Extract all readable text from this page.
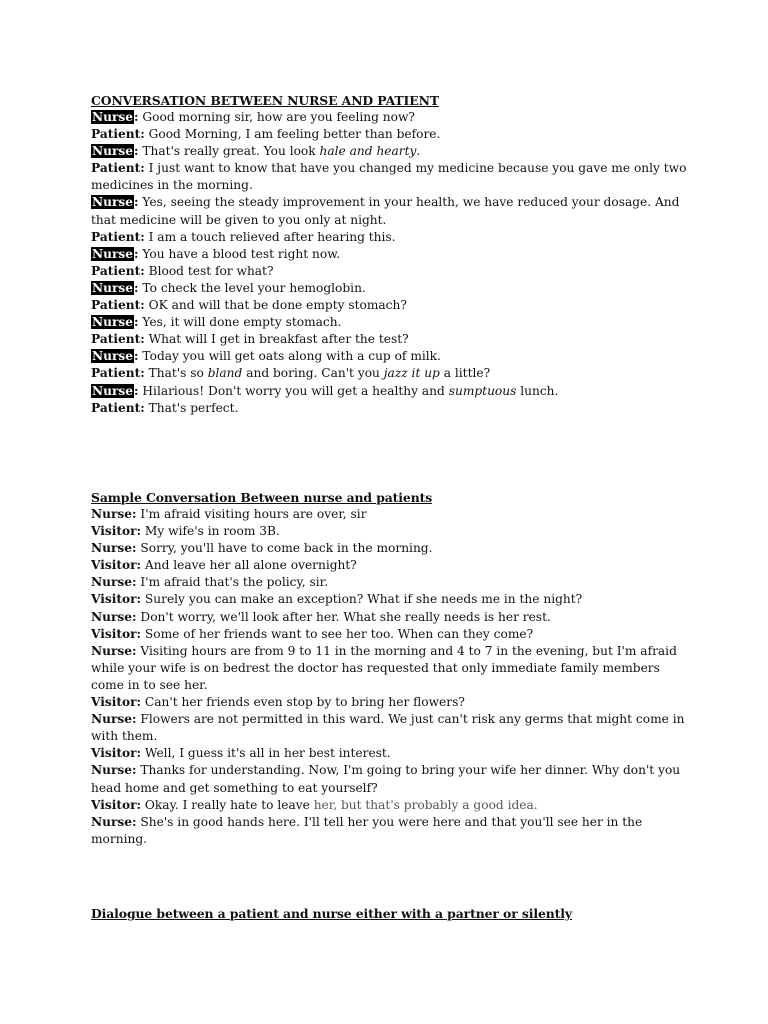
CONVERSATION BETWEEN NURSE AND PATIENT

Nurse: Good morning sir, how are you feeling now?

Patient: Good Morning, I am feeling better than before.

Nurse: That's really great. You look hale and hearty.

Patient: I just want to know that have you changed my medicine because you gave me only two medicines in the morning.

Nurse: Yes, seeing the steady improvement in your health, we have reduced your dosage. And that medicine will be given to you only at night.

Patient: I am a touch relieved after hearing this.

Nurse: You have a blood test right now.

Patient: Blood test for what?

Nurse: To check the level your hemoglobin.

Patient: OK and will that be done empty stomach?

Nurse: Yes, it will done empty stomach.

Patient: What will I get in breakfast after the test?

Nurse: Today you will get oats along with a cup of milk.

Patient: That's so bland and boring. Can't you jazz it up a little?

Nurse: Hilarious! Don't worry you will get a healthy and sumptuous lunch.

Patient: That's perfect.

Sample Conversation Between nurse and patients

Nurse: I'm afraid visiting hours are over, sir

Visitor: My wife's in room 3B.

Nurse: Sorry, you'll have to come back in the morning.

Visitor: And leave her all alone overnight?

Nurse: I'm afraid that's the policy, sir.

Visitor: Surely you can make an exception? What if she needs me in the night?

Nurse: Don't worry, we'll look after her. What she really needs is her rest.

Visitor: Some of her friends want to see her too. When can they come?

Nurse: Visiting hours are from 9 to 11 in the morning and 4 to 7 in the evening, but I'm afraid while your wife is on bedrest the doctor has requested that only immediate family members come in to see her.

Visitor: Can't her friends even stop by to bring her flowers?

Nurse: Flowers are not permitted in this ward. We just can't risk any germs that might come in with them.

Visitor: Well, I guess it's all in her best interest.

Nurse: Thanks for understanding. Now, I'm going to bring your wife her dinner. Why don't you head home and get something to eat yourself?

Visitor: Okay. I really hate to leave her, but that's probably a good idea.

Nurse: She's in good hands here. I'll tell her you were here and that you'll see her in the morning.

Dialogue between a patient and nurse either with a partner or silently
